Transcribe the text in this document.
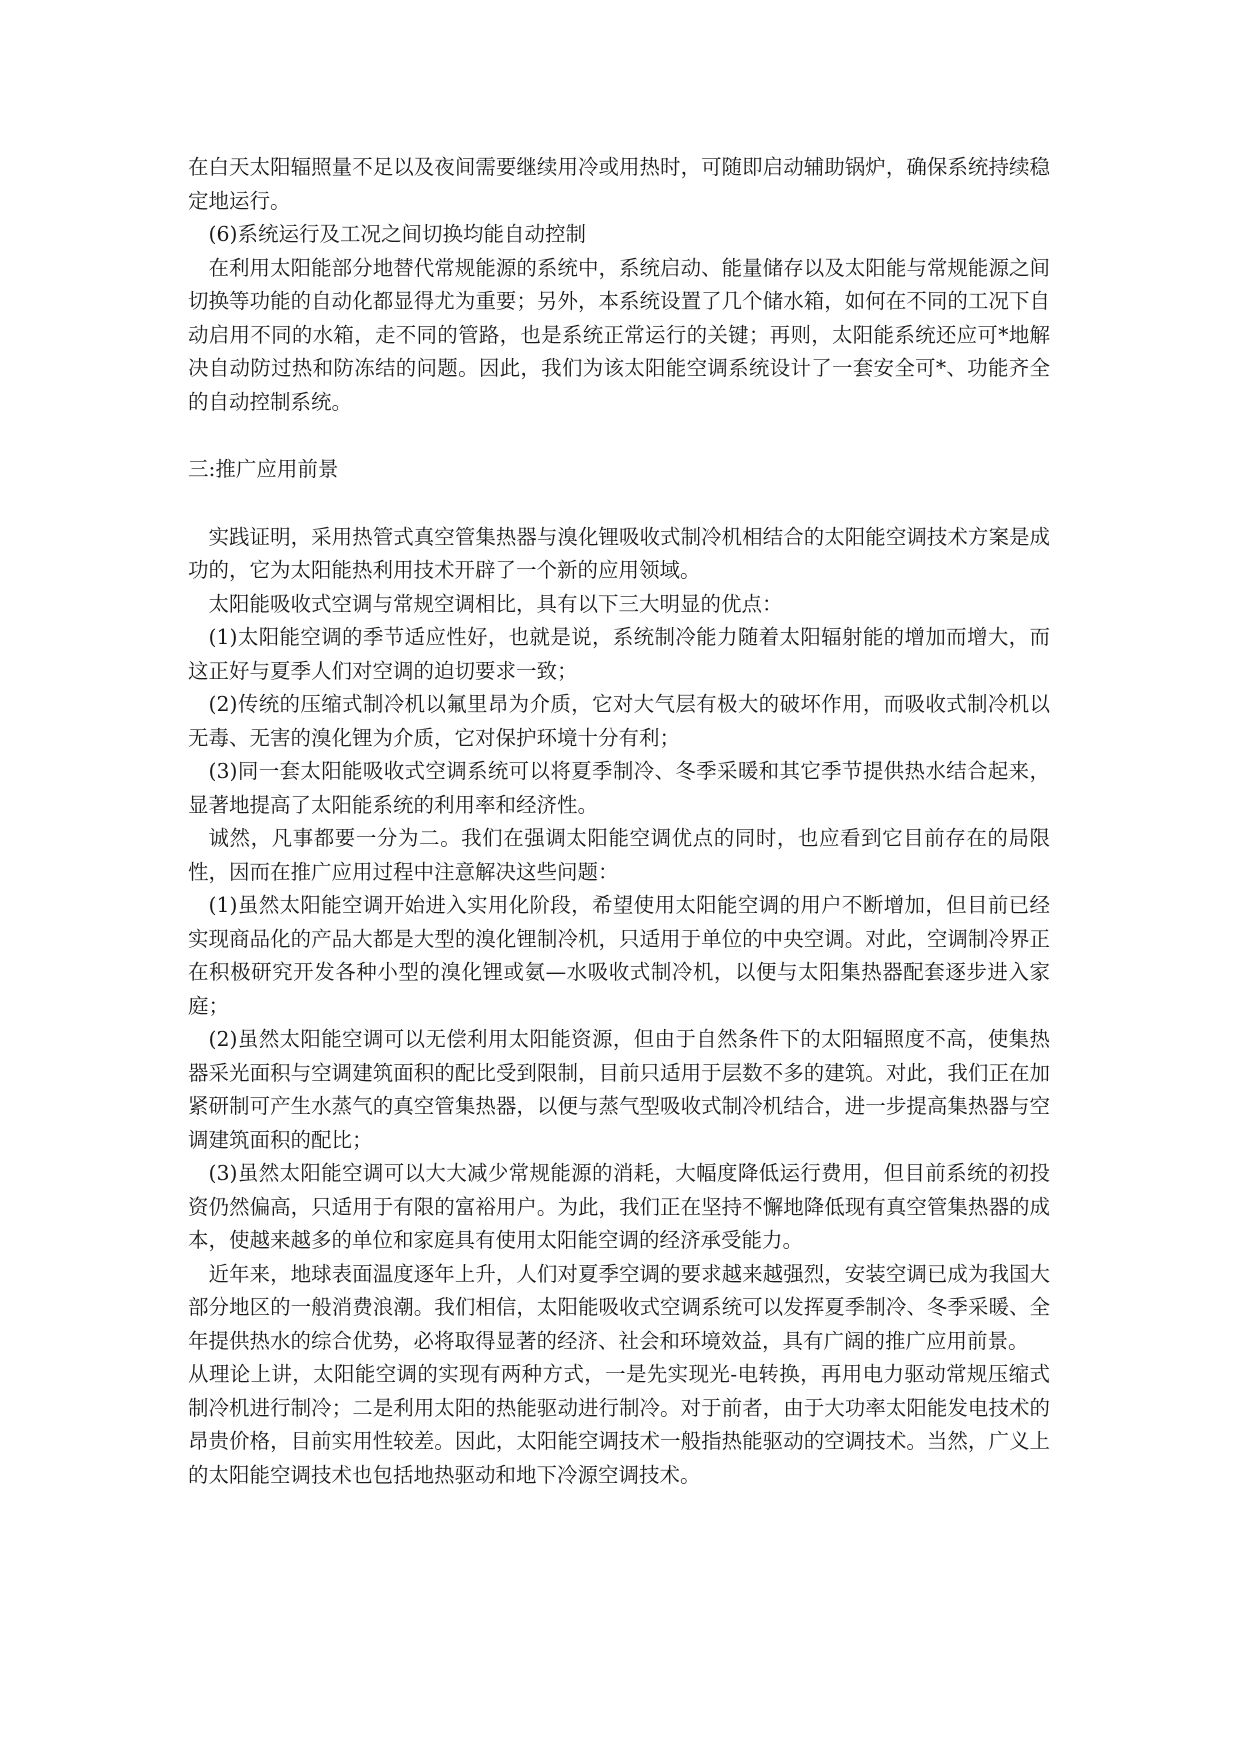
在白天太阳辐照量不足以及夜间需要继续用冷或用热时，可随即启动辅助锅炉，确保系统持续稳定地运行。

(6)系统运行及工况之间切换均能自动控制

在利用太阳能部分地替代常规能源的系统中，系统启动、能量储存以及太阳能与常规能源之间切换等功能的自动化都显得尤为重要；另外，本系统设置了几个储水箱，如何在不同的工况下自动启用不同的水箱，走不同的管路，也是系统正常运行的关键；再则，太阳能系统还应可*地解决自动防过热和防冻结的问题。因此，我们为该太阳能空调系统设计了一套安全可*、功能齐全的自动控制系统。

三:推广应用前景

实践证明，采用热管式真空管集热器与溴化锂吸收式制冷机相结合的太阳能空调技术方案是成功的，它为太阳能热利用技术开辟了一个新的应用领域。

太阳能吸收式空调与常规空调相比，具有以下三大明显的优点：

(1)太阳能空调的季节适应性好，也就是说，系统制冷能力随着太阳辐射能的增加而增大，而这正好与夏季人们对空调的迫切要求一致；

(2)传统的压缩式制冷机以氟里昂为介质，它对大气层有极大的破坏作用，而吸收式制冷机以无毒、无害的溴化锂为介质，它对保护环境十分有利；

(3)同一套太阳能吸收式空调系统可以将夏季制冷、冬季采暖和其它季节提供热水结合起来，显著地提高了太阳能系统的利用率和经济性。

诚然，凡事都要一分为二。我们在强调太阳能空调优点的同时，也应看到它目前存在的局限性，因而在推广应用过程中注意解决这些问题：

(1)虽然太阳能空调开始进入实用化阶段，希望使用太阳能空调的用户不断增加，但目前已经实现商品化的产品大都是大型的溴化锂制冷机，只适用于单位的中央空调。对此，空调制冷界正在积极研究开发各种小型的溴化锂或氨—水吸收式制冷机，以便与太阳集热器配套逐步进入家庭；

(2)虽然太阳能空调可以无偿利用太阳能资源，但由于自然条件下的太阳辐照度不高，使集热器采光面积与空调建筑面积的配比受到限制，目前只适用于层数不多的建筑。对此，我们正在加紧研制可产生水蒸气的真空管集热器，以便与蒸气型吸收式制冷机结合，进一步提高集热器与空调建筑面积的配比；

(3)虽然太阳能空调可以大大减少常规能源的消耗，大幅度降低运行费用，但目前系统的初投资仍然偏高，只适用于有限的富裕用户。为此，我们正在坚持不懈地降低现有真空管集热器的成本，使越来越多的单位和家庭具有使用太阳能空调的经济承受能力。

近年来，地球表面温度逐年上升，人们对夏季空调的要求越来越强烈，安装空调已成为我国大部分地区的一般消费浪潮。我们相信，太阳能吸收式空调系统可以发挥夏季制冷、冬季采暖、全年提供热水的综合优势，必将取得显著的经济、社会和环境效益，具有广阔的推广应用前景。

从理论上讲，太阳能空调的实现有两种方式，一是先实现光-电转换，再用电力驱动常规压缩式制冷机进行制冷；二是利用太阳的热能驱动进行制冷。对于前者，由于大功率太阳能发电技术的昂贵价格，目前实用性较差。因此，太阳能空调技术一般指热能驱动的空调技术。当然，广义上的太阳能空调技术也包括地热驱动和地下冷源空调技术。
